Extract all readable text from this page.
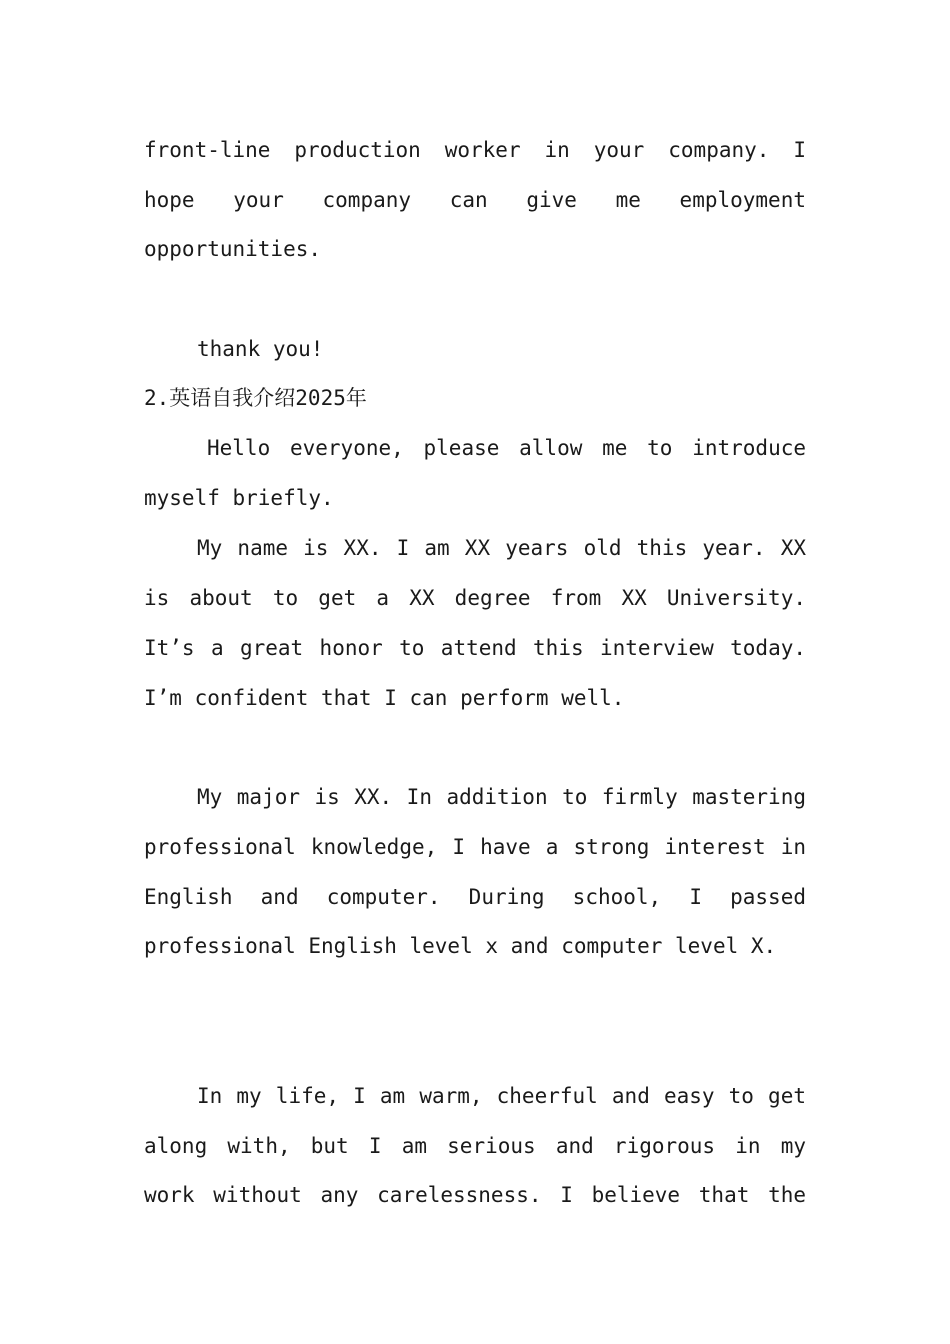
front-line production worker in your company. I
hope your company can give me employment
opportunities.
thank you!
2.英语自我介绍2025年
Hello everyone, please allow me to introduce
myself briefly.
My name is XX. I am XX years old this year. XX
is about to get a XX degree from XX University.
It’s a great honor to attend this interview today.
I’m confident that I can perform well.
My major is XX. In addition to firmly mastering
professional knowledge, I have a strong interest in
English and computer. During school, I passed
professional English level x and computer level X.
In my life, I am warm, cheerful and easy to get
along with, but I am serious and rigorous in my
work without any carelessness. I believe that the
